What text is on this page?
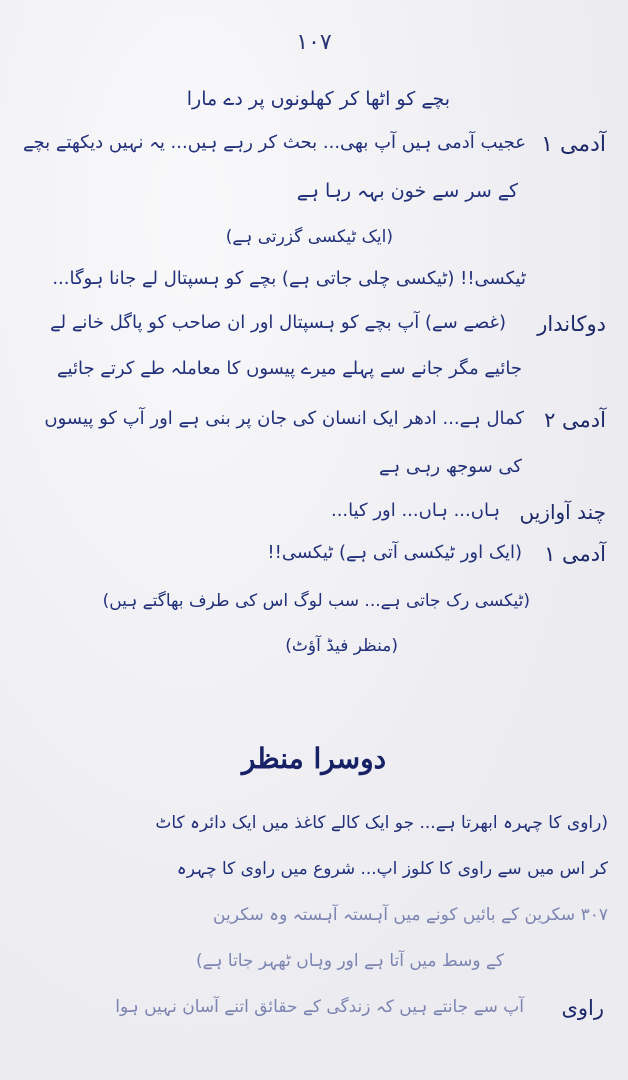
۱۰۷
بچے کو اٹھا کر کھلونوں پر دے مارا
آدمی ۱
عجیب آدمی ہیں آپ بھی... بحث کر رہے ہیں... یہ نہیں دیکھتے بچے
کے سر سے خون بہہ رہا ہے
(ایک ٹیکسی گزرتی ہے)
ٹیکسی!! (ٹیکسی چلی جاتی ہے) بچے کو ہسپتال لے جانا ہوگا...
دوکاندار
(غصے سے) آپ بچے کو ہسپتال اور ان صاحب کو پاگل خانے لے
جائیے مگر جانے سے پہلے میرے پیسوں کا معاملہ طے کرتے جائیے
آدمی ۲
کمال ہے... ادھر ایک انسان کی جان پر بنی ہے اور آپ کو پیسوں
کی سوجھ رہی ہے
چند آوازیں
ہاں... ہاں... اور کیا...
آدمی ۱
(ایک اور ٹیکسی آتی ہے) ٹیکسی!!
(ٹیکسی رک جاتی ہے... سب لوگ اس کی طرف بھاگتے ہیں)
(منظر فیڈ آؤٹ)
دوسرا منظر
(راوی کا چہرہ ابھرتا ہے... جو ایک کالے کاغذ میں ایک دائرہ کاٹ
کر اس میں سے راوی کا کلوز اپ... شروع میں راوی کا چہرہ
۳۰۷ سکرین کے بائیں کونے میں آہستہ آہستہ وہ سکرین
کے وسط میں آتا ہے اور وہاں ٹھہر جاتا ہے)
راوی
آپ سے جانتے ہیں کہ زندگی کے حقائق اتنے آسان نہیں ہوا
